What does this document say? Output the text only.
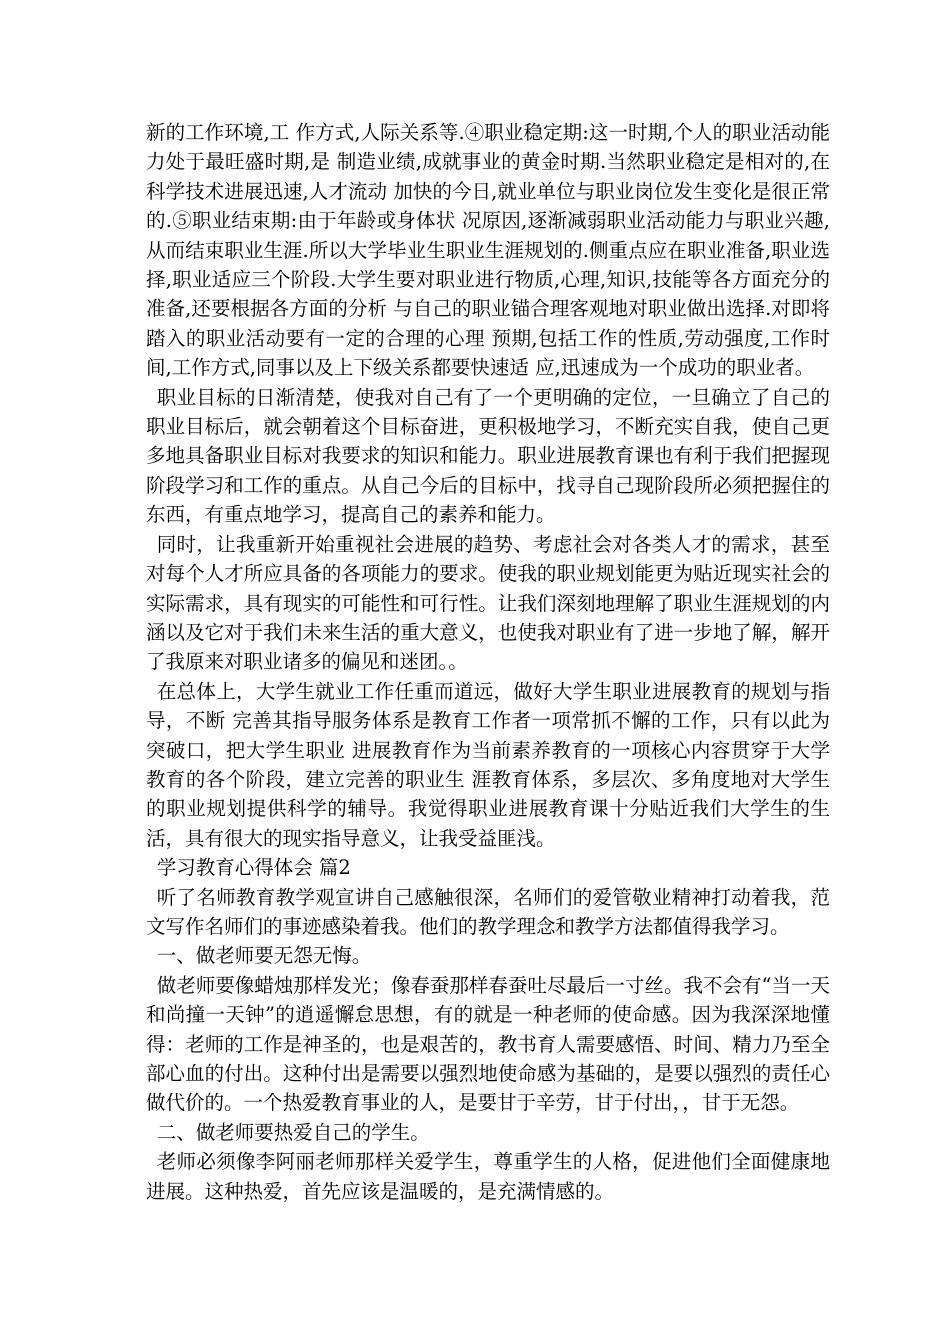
新的工作环境,工 作方式,人际关系等.④职业稳定期:这一时期,个人的职业活动能力处于最旺盛时期,是 制造业绩,成就事业的黄金时期.当然职业稳定是相对的,在科学技术进展迅速,人才流动 加快的今日,就业单位与职业岗位发生变化是很正常的.⑤职业结束期:由于年龄或身体状 况原因,逐渐减弱职业活动能力与职业兴趣,从而结束职业生涯.所以大学毕业生职业生涯规划的.侧重点应在职业准备,职业选择,职业适应三个阶段.大学生要对职业进行物质,心理,知识,技能等各方面充分的准备,还要根据各方面的分析 与自己的职业锚合理客观地对职业做出选择.对即将踏入的职业活动要有一定的合理的心理 预期,包括工作的性质,劳动强度,工作时间,工作方式,同事以及上下级关系都要快速适 应,迅速成为一个成功的职业者。

职业目标的日渐清楚，使我对自己有了一个更明确的定位，一旦确立了自己的职业目标后，就会朝着这个目标奋进，更积极地学习，不断充实自我，使自己更多地具备职业目标对我要求的知识和能力。职业进展教育课也有利于我们把握现阶段学习和工作的重点。从自己今后的目标中，找寻自己现阶段所必须把握住的东西，有重点地学习，提高自己的素养和能力。

同时，让我重新开始重视社会进展的趋势、考虑社会对各类人才的需求，甚至对每个人才所应具备的各项能力的要求。使我的职业规划能更为贴近现实社会的实际需求，具有现实的可能性和可行性。让我们深刻地理解了职业生涯规划的内涵以及它对于我们未来生活的重大意义，也使我对职业有了进一步地了解，解开了我原来对职业诸多的偏见和迷团。。

在总体上，大学生就业工作任重而道远，做好大学生职业进展教育的规划与指导，不断 完善其指导服务体系是教育工作者一项常抓不懈的工作，只有以此为突破口，把大学生职业 进展教育作为当前素养教育的一项核心内容贯穿于大学教育的各个阶段，建立完善的职业生 涯教育体系，多层次、多角度地对大学生的职业规划提供科学的辅导。我觉得职业进展教育课十分贴近我们大学生的生活，具有很大的现实指导意义，让我受益匪浅。

学习教育心得体会 篇2

听了名师教育教学观宣讲自己感触很深，名师们的爱管敬业精神打动着我，范文写作名师们的事迹感染着我。他们的教学理念和教学方法都值得我学习。

一、做老师要无怨无悔。

做老师要像蜡烛那样发光；像春蚕那样春蚕吐尽最后一寸丝。我不会有“当一天和尚撞一天钟”的逍遥懈怠思想，有的就是一种老师的使命感。因为我深深地懂得：老师的工作是神圣的，也是艰苦的，教书育人需要感悟、时间、精力乃至全部心血的付出。这种付出是需要以强烈地使命感为基础的，是要以强烈的责任心做代价的。一个热爱教育事业的人，是要甘于辛劳，甘于付出，，甘于无怨。

二、做老师要热爱自己的学生。

老师必须像李阿丽老师那样关爱学生，尊重学生的人格，促进他们全面健康地进展。这种热爱，首先应该是温暖的，是充满情感的。
